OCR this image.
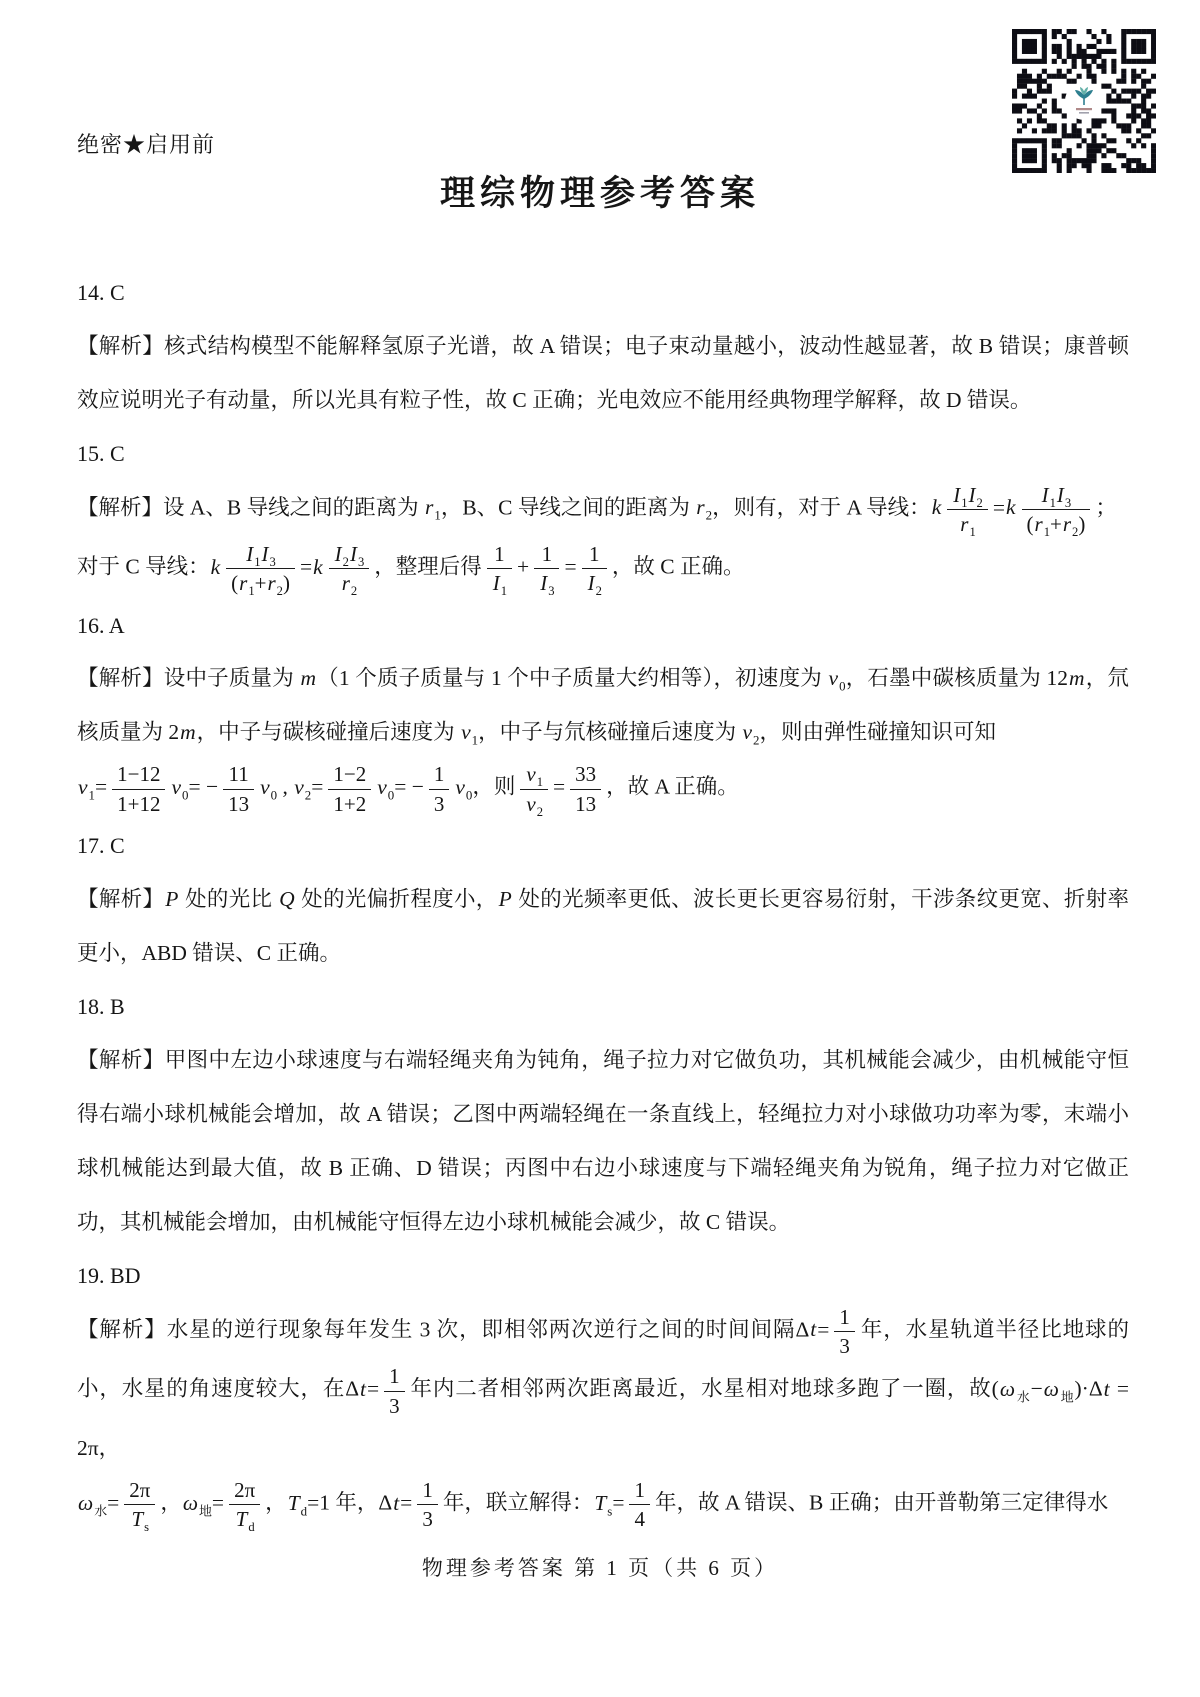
绝密★启用前
理综物理参考答案
14. C
【解析】核式结构模型不能解释氢原子光谱，故 A 错误；电子束动量越小，波动性越显著，故 B 错误；康普顿效应说明光子有动量，所以光具有粒子性，故 C 正确；光电效应不能用经典物理学解释，故 D 错误。
15. C
【解析】设 A、B 导线之间的距离为 $r_1$，B、C 导线之间的距离为 $r_2$，则有，对于 A 导线：k $\frac{I_1I_2}{r_1} =k \frac{I_1I_3}{(r_1+r_2)}$ ；
对于 C 导线：k $\frac{I_1I_3}{(r_1+r_2)} =k \frac{I_2I_3}{r_2}$ ，整理后得 $\frac{1}{I_1} + \frac{1}{I_3} = \frac{1}{I_2}$ ，故 C 正确。
16. A
【解析】设中子质量为 m（1 个质子质量与 1 个中子质量大约相等），初速度为 $v_0$，石墨中碳核质量为 12m，氘核质量为 2m，中子与碳核碰撞后速度为 $v_1$，中子与氘核碰撞后速度为 $v_2$，则由弹性碰撞知识可知
$v_1= \frac{1-12}{1+12} v_0= - \frac{11}{13} v_0$ , $v_2= \frac{1-2}{1+2} v_0= - \frac{1}{3} v_0$，则 $\frac{v_1}{v_2} = \frac{33}{13}$ ，故 A 正确。
17. C
【解析】P 处的光比 Q 处的光偏折程度小，P 处的光频率更低、波长更长更容易衍射，干涉条纹更宽、折射率更小，ABD 错误、C 正确。
18. B
【解析】甲图中左边小球速度与右端轻绳夹角为钝角，绳子拉力对它做负功，其机械能会减少，由机械能守恒得右端小球机械能会增加，故 A 错误；乙图中两端轻绳在一条直线上，轻绳拉力对小球做功功率为零，末端小球机械能达到最大值，故 B 正确、D 错误；丙图中右边小球速度与下端轻绳夹角为锐角，绳子拉力对它做正功，其机械能会增加，由机械能守恒得左边小球机械能会减少，故 C 错误。
19. BD
【解析】水星的逆行现象每年发生 3 次，即相邻两次逆行之间的时间间隔$\Delta t= \frac{1}{3}$ 年，水星轨道半径比地球的小，水星的角速度较大，在$\Delta t= \frac{1}{3}$ 年内二者相邻两次距离最近，水星相对地球多跑了一圈，故$(\omega_水-\omega_地)\cdot\Delta t = 2\pi$，
$\omega_水= \frac{2\pi}{T_s}$ ，$\omega_地= \frac{2\pi}{T_d}$ ，$T_d=1$ 年，$\Delta t= \frac{1}{3}$ 年，联立解得：$T_s= \frac{1}{4}$ 年，故 A 错误、B 正确；由开普勒第三定律得水
物理参考答案 第 1 页（共 6 页）
